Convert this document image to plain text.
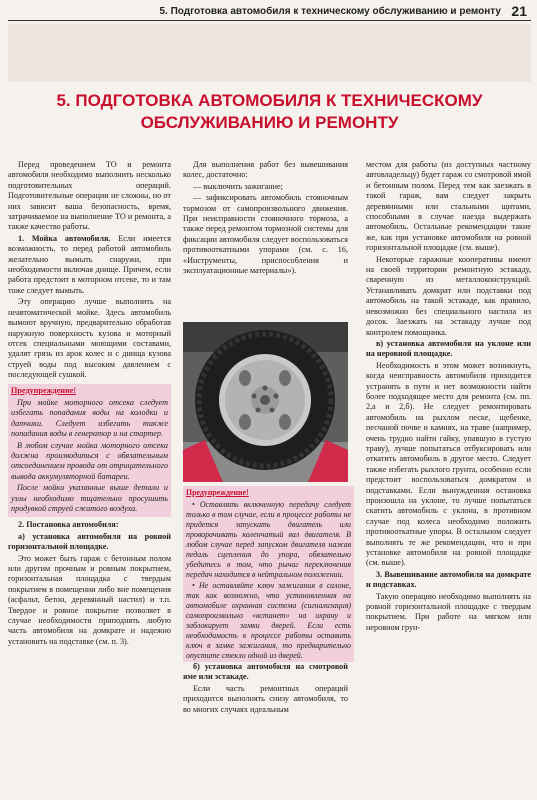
5. Подготовка автомобиля к техническому обслуживанию и ремонту 21
5. ПОДГОТОВКА АВТОМОБИЛЯ К ТЕХНИЧЕСКОМУ ОБСЛУЖИВАНИЮ И РЕМОНТУ

Перед проведением ТО и ремонта автомобиля необходимо выполнить несколько подготовительных операций. Подготовительные операции не сложны, но от них зависит ваша безопасность, время, затрачиваемое на выполнение ТО и ремонта, а также качество работы.

1. Мойка автомобиля. Если имеется возможность, то перед работой автомобиль желательно вымыть снаружи, при необходимости включая днище. Причем, если работа предстоит в моторном отсеке, то и там тоже следует вымыть.

Эту операцию лучше выполнить на неавтоматической мойке. Здесь автомобиль вымоют вручную, предварительно обработав наружную поверхность кузова и моторный отсек специальными моющими составами, удалят грязь из арок колес и с днища кузова струей воды под высоким давлением с последующей сушкой.

Предупреждение!

При мойке моторного отсека следует избегать попадания воды на колодки и датчики. Следует избегать также попадания воды в генератор и на стартер.

В любом случае мойка моторного отсека должна производиться с обязательным отсоединением провода от отрицательного вывода аккумуляторной батареи.

После мойки указанные выше детали и узлы необходимо тщательно просушить продувкой струей сжатого воздуха.

2. Постановка автомобиля:

а) установка автомобиля на ровной горизонтальной площадке.

Это может быть гараж с бетонным полом или другим прочным и ровным покрытием, горизонтальная площадка с твердым покрытием в помещении либо вне помещения (асфальт, бетон, деревянный настил) и т.п. Твердое и ровное покрытие позволяет в случае необходимости приподнять любую часть автомобиля на домкрате и надежно установить на подставке (см. п. 3).

Для выполнения работ без вывешивания колес, достаточно:

— выключить зажигание;

— зафиксировать автомобиль стояночным тормозом от самопроизвольного движения. При неисправности стояночного тормоза, а также перед ремонтом тормозной системы для фиксации автомобиля следует воспользоваться противооткатными упорами (см. с. 16, «Инструменты, приспособления и эксплуатационные материалы»).

Предупреждение!

• Оставлять включенную передачу следует только в том случае, если в процессе работы не придется запускать двигатель или проворачивать коленчатый вал двигателя. В любом случае перед запуском двигателя нажав педаль сцепления до упора, обязательно убедитесь в том, что рычаг переключения передач находится в нейтральном положении.

• Не оставляйте ключ зажигания в салоне, так как возможно, что установленная на автомобиле охранная система (сигнализация) самопроизвольно «встанет» на охрану и заблокирует замки дверей. Если есть необходимость в процессе работы оставить ключ в замке зажигания, то предварительно опустите стекло одной из дверей.

б) установка автомобиля на смотровой яме или эстакаде.

Если часть ремонтных операций приходится выполнять снизу автомобиля, то во многих случаях идеальным

местом для работы (из доступных частному автовладельцу) будет гараж со смотровой ямой и бетонным полом. Перед тем как заезжать в такой гараж, вам следует закрыть деревянными или стальными щитами, способными в случае наезда выдержать автомобиль. Остальные рекомендации такие же, как при установке автомобиля на ровной горизонтальной площадке (см. выше).

Некоторые гаражные кооперативы имеют на своей территории ремонтную эстакаду, сваренную из металлоконструкций. Устанавливать домкрат или подставки под автомобиль на такой эстакаде, как правило, невозможно без специального настила из досок. Заезжать на эстакаду лучше под контролем помощника.

в) установка автомобиля на уклоне или на неровной площадке.

Необходимость в этом может возникнуть, когда неисправность автомобиля приходится устранять в пути и нет возможности найти более подходящее место для ремонта (см. пп. 2,а и 2,б). Не следует ремонтировать автомобиль на рыхлом песке, щебенке, песчаной почве и камнях, на траве (например, очень трудно найти гайку, упавшую в густую траву), лучше попытаться отбуксировать или откатить автомобиль в другое место. Следует также избегать рыхлого грунта, особенно если предстоит воспользоваться домкратом и подставками. Если вынужденная остановка произошла на уклоне, то лучше попытаться скатить автомобиль с уклона, в противном случае под колеса необходимо положить противооткатные упоры. В остальном следует выполнять те же рекомендации, что и при установке автомобиля на ровной площадке (см. выше).

3. Вывешивание автомобиля на домкрате и подставках.

Такую операцию необходимо выполнять на ровной горизонтальной площадке с твердым покрытием. При работе на мягком или неровном грун-
